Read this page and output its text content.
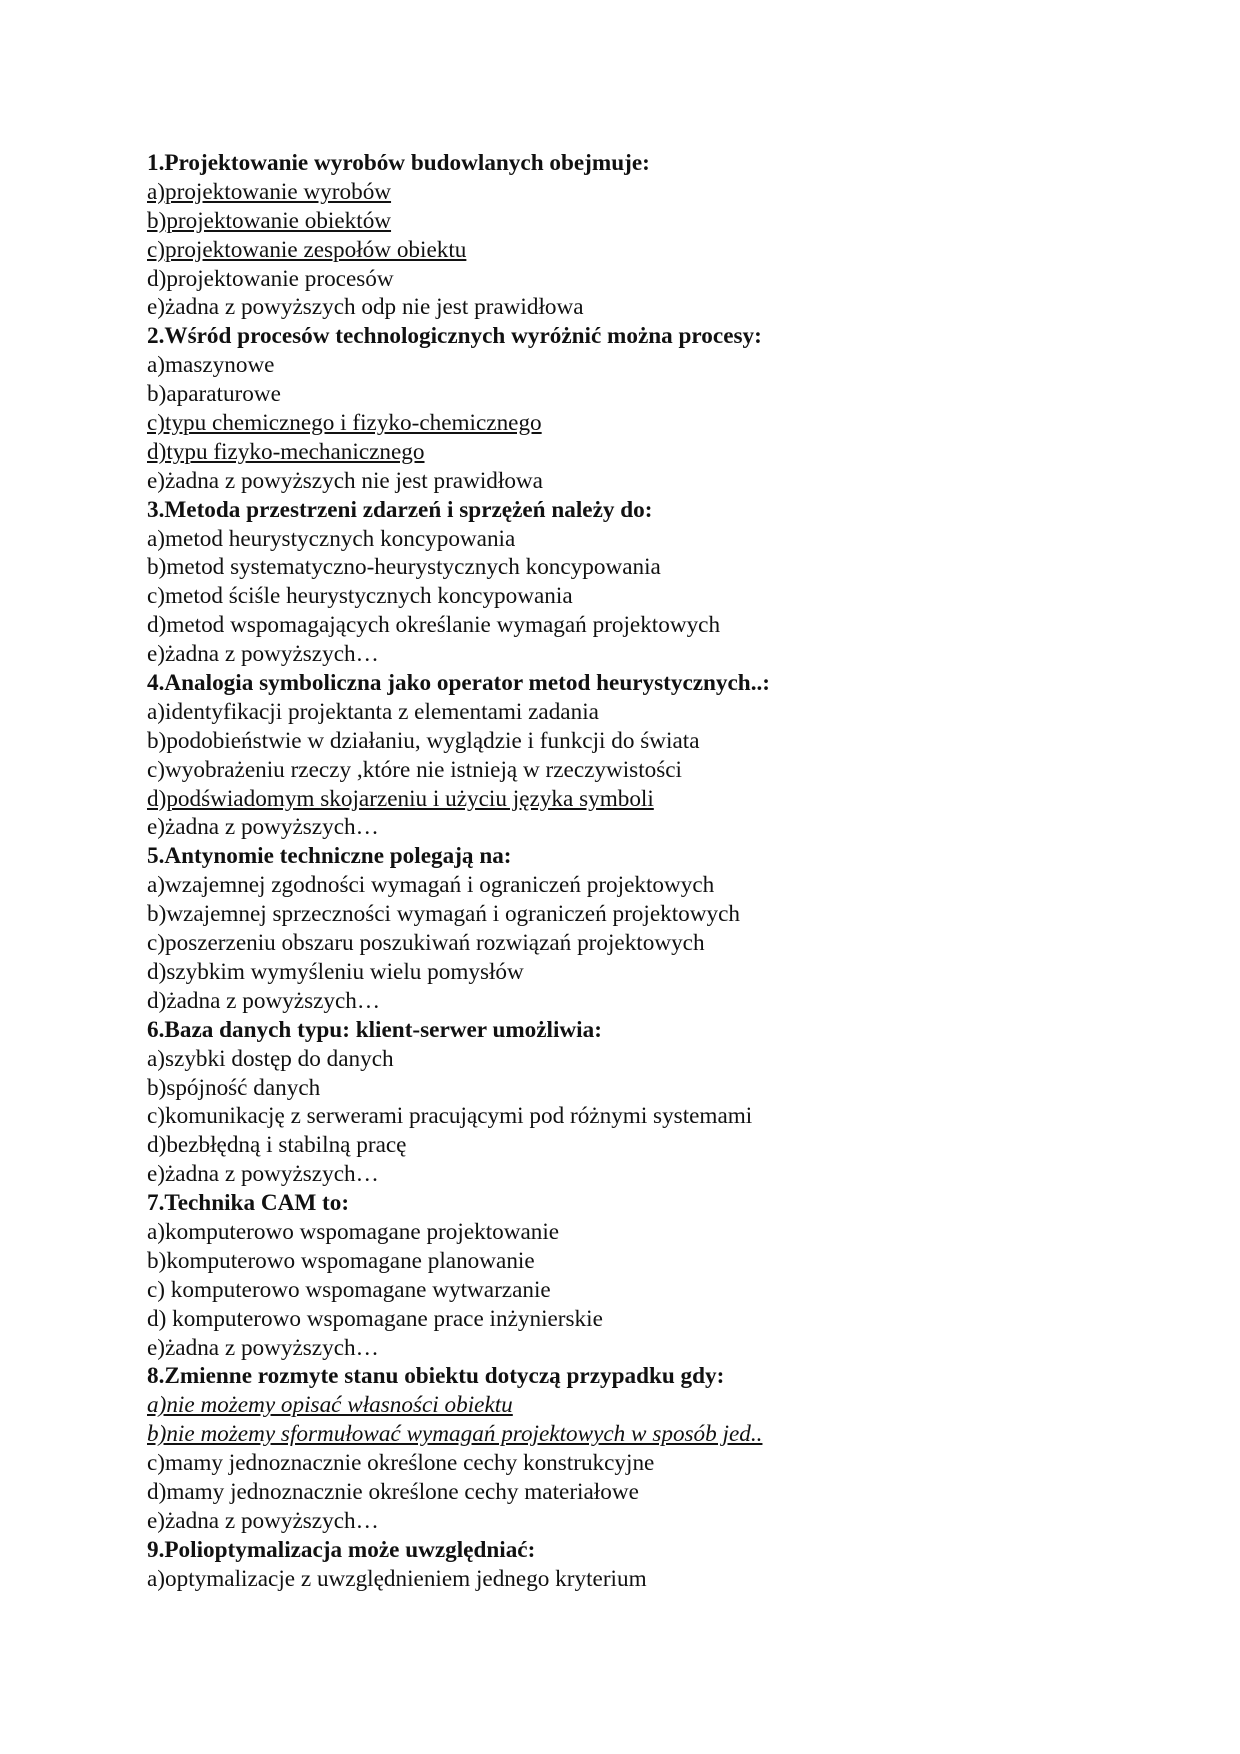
1.Projektowanie wyrobów budowlanych obejmuje:
a)projektowanie wyrobów
b)projektowanie obiektów
c)projektowanie zespołów obiektu
d)projektowanie procesów
e)żadna z powyższych odp nie jest prawidłowa
2.Wśród procesów technologicznych wyróżnić można procesy:
a)maszynowe
b)aparaturowe
c)typu chemicznego i fizyko-chemicznego
d)typu fizyko-mechanicznego
e)żadna z powyższych nie jest prawidłowa
3.Metoda przestrzeni zdarzeń i sprzężeń należy do:
a)metod heurystycznych koncypowania
b)metod systematyczno-heurystycznych koncypowania
c)metod ściśle heurystycznych koncypowania
d)metod wspomagających określanie wymagań projektowych
e)żadna z powyższych…
4.Analogia symboliczna jako operator metod heurystycznych..:
a)identyfikacji projektanta z elementami zadania
b)podobieństwie w działaniu, wyglądzie i funkcji do świata
c)wyobrażeniu rzeczy ,które nie istnieją w rzeczywistości
d)podświadomym skojarzeniu i użyciu języka symboli
e)żadna z powyższych…
5.Antynomie techniczne polegają na:
a)wzajemnej zgodności wymagań i ograniczeń projektowych
b)wzajemnej sprzeczności wymagań i ograniczeń projektowych
c)poszerzeniu obszaru poszukiwań rozwiązań projektowych
d)szybkim wymyśleniu wielu pomysłów
d)żadna z powyższych…
6.Baza danych typu: klient-serwer umożliwia:
a)szybki dostęp do danych
b)spójność danych
c)komunikację z serwerami pracującymi pod różnymi systemami
d)bezbłędną i stabilną pracę
e)żadna z powyższych…
7.Technika CAM to:
a)komputerowo wspomagane projektowanie
b)komputerowo wspomagane planowanie
c) komputerowo wspomagane wytwarzanie
d) komputerowo wspomagane prace inżynierskie
e)żadna z powyższych…
8.Zmienne rozmyte stanu obiektu dotyczą przypadku gdy:
a)nie możemy opisać własności obiektu
b)nie możemy sformułować wymagań projektowych w sposób jed..
c)mamy jednoznacznie określone cechy konstrukcyjne
d)mamy jednoznacznie określone cechy materiałowe
e)żadna z powyższych…
9.Polioptymalizacja może uwzględniać:
a)optymalizacje z uwzględnieniem jednego kryterium
